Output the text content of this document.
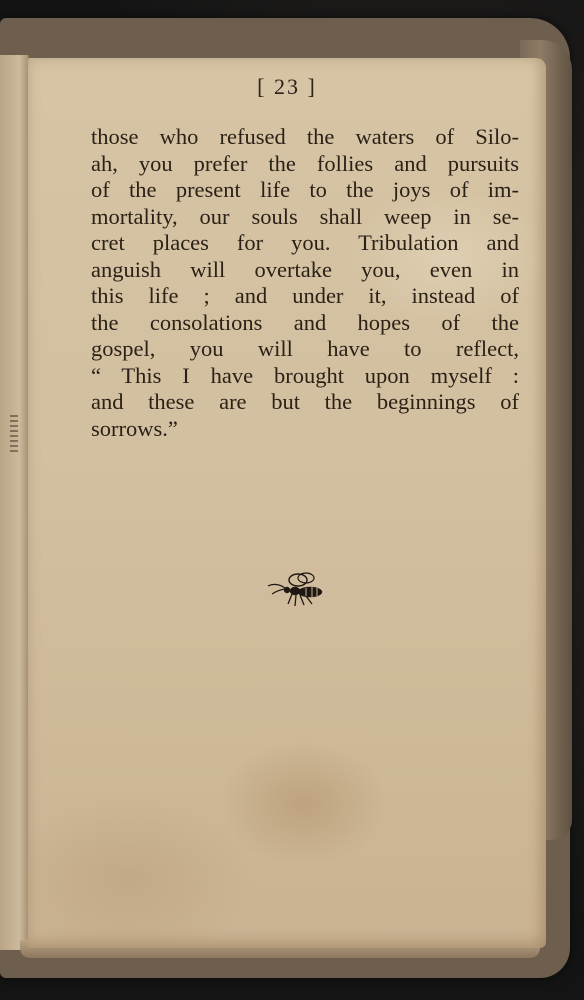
[ 23 ]
those who refused the waters of Silo-
ah, you prefer the follies and pursuits
of the present life to the joys of im-
mortality, our souls shall weep in se-
cret places for you. Tribulation and
anguish will overtake you, even in
this life ; and under it, instead of
the consolations and hopes of the
gospel, you will have to reflect,
“ This I have brought upon myself :
and these are but the beginnings of
sorrows.”
